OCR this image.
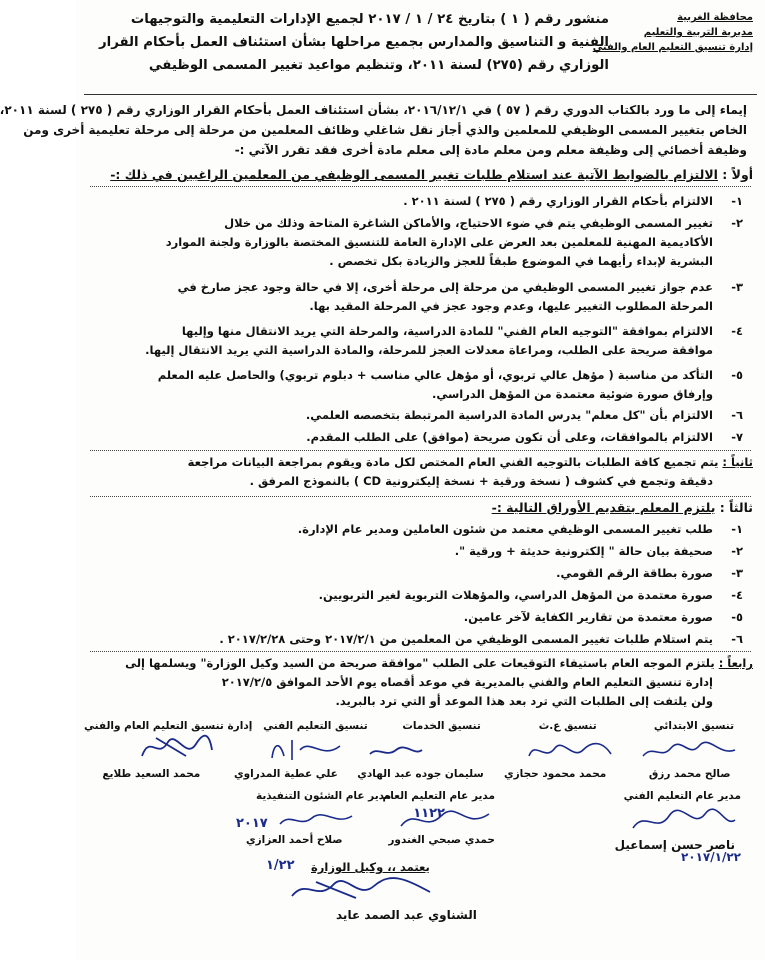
محافظة الغربية
مديرية التربية والتعليم
إدارة تنسيق التعليم العام والفني
منشور رقم ( ١ ) بتاريخ ٢٤ / ١ / ٢٠١٧ لجميع الإدارات التعليمية والتوجيهات
الفنية و التناسيق والمدارس بجميع مراحلها بشأن استئناف العمل بأحكام القرار
الوزاري رقم (٢٧٥) لسنة ٢٠١١، وتنظيم مواعيد تغيير المسمى الوظيفي
إيماء إلى ما ورد بالكتاب الدوري رقم ( ٥٧ ) في ٢٠١٦/١٢/١، بشأن استئناف العمل بأحكام القرار الوزاري رقم ( ٢٧٥ ) لسنة ٢٠١١،
الخاص بتغيير المسمى الوظيفي للمعلمين والذي أجاز نقل شاغلي وظائف المعلمين من مرحلة إلى مرحلة تعليمية أخرى ومن
وظيفة أخصائي إلى وظيفة معلم ومن معلم مادة إلى معلم مادة أخرى فقد تقرر الآتي :-
أولاً : الالتزام بالضوابط الآتية عند استلام طلبات تغيير المسمى الوظيفي من المعلمين الراغبين في ذلك :-
١-الالتزام بأحكام القرار الوزاري رقم ( ٢٧٥ ) لسنة ٢٠١١ .
٢-تغيير المسمى الوظيفي يتم في ضوء الاحتياج، والأماكن الشاغرة المتاحة وذلك من خلال
الأكاديمية المهنية للمعلمين بعد العرض على الإدارة العامة للتنسيق المختصة بالوزارة ولجنة الموارد
البشرية لإبداء رأيهما في الموضوع طبقاً للعجز والزيادة بكل تخصص .
٣-عدم جواز تغيير المسمى الوظيفي من مرحلة إلى مرحلة أخرى، إلا في حالة وجود عجز صارخ في
المرحلة المطلوب التغيير عليها، وعدم وجود عجز في المرحلة المقيد بها.
٤-الالتزام بموافقة "التوجيه العام الفني" للمادة الدراسية، والمرحلة التي يريد الانتقال منها وإليها
موافقة صريحة على الطلب، ومراعاة معدلات العجز للمرحلة، والمادة الدراسية التي يريد الانتقال إليها.
٥-التأكد من مناسبة ( مؤهل عالي تربوي، أو مؤهل عالي مناسب + دبلوم تربوي) والحاصل عليه المعلم
وإرفاق صورة ضوئية معتمدة من المؤهل الدراسي.
٦-الالتزام بأن "كل معلم" يدرس المادة الدراسية المرتبطة بتخصصه العلمي.
٧-الالتزام بالموافقات، وعلى أن تكون صريحة (موافق) على الطلب المقدم.
ثانياً : يتم تجميع كافة الطلبات بالتوجيه الفني العام المختص لكل مادة ويقوم بمراجعة البيانات مراجعة
دقيقة وتجمع في كشوف ( نسخة ورقية + نسخة إليكترونية CD ) بالنموذج المرفق .
ثالثاً : يلتزم المعلم بتقديم الأوراق التالية :-
١-طلب تغيير المسمى الوظيفي معتمد من شئون العاملين ومدير عام الإدارة.
٢-صحيفة بيان حالة " إلكترونية حديثة + ورقية ".
٣-صورة بطاقة الرقم القومي.
٤-صورة معتمدة من المؤهل الدراسي، والمؤهلات التربوية لغير التربويين.
٥-صورة معتمدة من تقارير الكفاية لآخر عامين.
٦-يتم استلام طلبات تغيير المسمى الوظيفي من المعلمين من ٢٠١٧/٢/١ وحتى ٢٠١٧/٢/٢٨ .
رابعاً : يلتزم الموجه العام باستيفاء التوقيعات على الطلب "موافقة صريحة من السيد وكيل الوزارة" ويسلمها إلى
إدارة تنسيق التعليم العام والفني بالمديرية في موعد أقصاه يوم الأحد الموافق ٢٠١٧/٢/٥
ولن يلتفت إلى الطلبات التي ترد بعد هذا الموعد أو التي ترد بالبريد.
تنسيق الابتدائي
تنسيق ع.ث
تنسيق الخدمات
تنسيق التعليم الفني
إدارة تنسيق التعليم العام والفني
صالح محمد رزق
محمد محمود حجازي
سليمان جوده عبد الهادي
علي عطية المدراوي
محمد السعيد طلايع
مدير عام التعليم الفني
مدير عام التعليم العام
مدير عام الشئون التنفيذية
١١٢٢
٢٠١٧
ناصر حسن إسماعيل
٢٠١٧/١/٢٢
حمدي صبحي الغندور
صلاح أحمد العزازي
يعتمد ،، وكيل الوزارة
١/٢٢
الشناوي عبد الصمد عايد
